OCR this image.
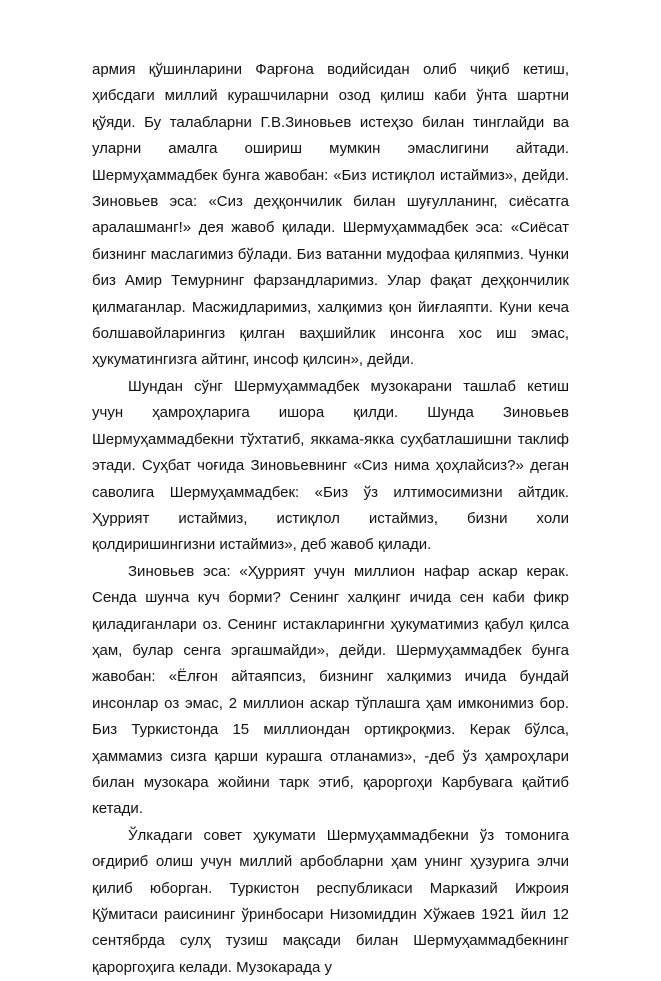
армия қўшинларини Фарғона водийсидан олиб чиқиб кетиш, ҳибсдаги миллий курашчиларни озод қилиш каби ўнта шартни қўяди. Бу талабларни Г.В.Зиновьев истеҳзо билан тинглайди ва уларни амалга ошириш мумкин эмаслигини айтади. Шермуҳаммадбек бунга жавобан: «Биз истиқлол истаймиз», дейди. Зиновьев эса: «Сиз деҳқончилик билан шуғулланинг, сиёсатга аралашманг!» дея жавоб қилади. Шермуҳаммадбек эса: «Сиёсат бизнинг маслагимиз бўлади. Биз ватанни мудофаа қиляпмиз. Чунки биз Амир Темурнинг фарзандларимиз. Улар фақат деҳқончилик қилмаганлар. Масжидларимиз, халқимиз қон йиғлаяпти. Куни кеча болшавойларингиз қилган ваҳшийлик инсонга хос иш эмас, ҳукуматингизга айтинг, инсоф қилсин», дейди.

Шундан сўнг Шермуҳаммадбек музокарани ташлаб кетиш учун ҳамроҳларига ишора қилди. Шунда Зиновьев Шермуҳаммадбекни тўхтатиб, яккама-якка суҳбатлашишни таклиф этади. Суҳбат чоғида Зиновьевнинг «Сиз нима ҳоҳлайсиз?» деган саволига Шермуҳаммадбек: «Биз ўз илтимосимизни айтдик. Ҳуррият истаймиз, истиқлол истаймиз, бизни холи қолдиришингизни истаймиз», деб жавоб қилади.

Зиновьев эса: «Ҳуррият учун миллион нафар аскар керак. Сенда шунча куч борми? Сенинг халқинг ичида сен каби фикр қиладиганлари оз. Сенинг истакларингни ҳукуматимиз қабул қилса ҳам, булар сенга эргашмайди», дейди. Шермуҳаммадбек бунга жавобан: «Ёлғон айтаяпсиз, бизнинг халқимиз ичида бундай инсонлар оз эмас, 2 миллион аскар тўплашга ҳам имконимиз бор. Биз Туркистонда 15 миллиондан ортиқроқмиз. Керак бўлса, ҳаммамиз сизга қарши курашга отланамиз», -деб ўз ҳамроҳлари билан музокара жойини тарк этиб, қароргоҳи Карбувага қайтиб кетади.

Ўлкадаги совет ҳукумати Шермуҳаммадбекни ўз томонига оғдириб олиш учун миллий арбобларни ҳам унинг ҳузурига элчи қилиб юборган. Туркистон республикаси Марказий Ижроия Қўмитаси раисининг ўринбосари Низомиддин Хўжаев 1921 йил 12 сентябрда сулҳ тузиш мақсади билан Шермуҳаммадбекнинг қароргоҳига келади. Музокарада у
